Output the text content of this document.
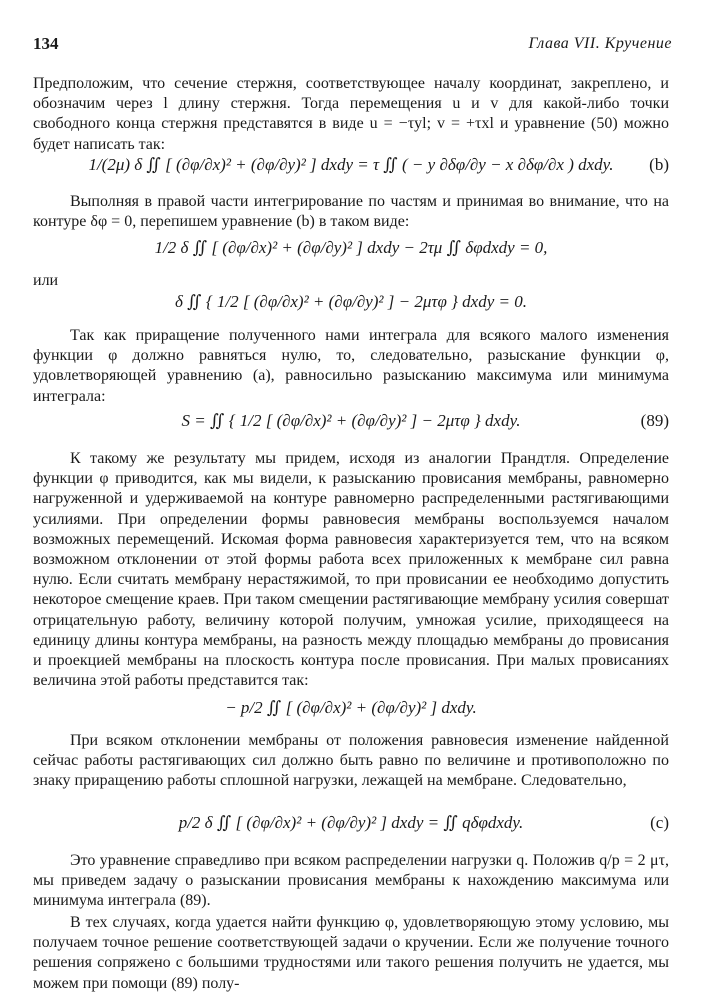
134	Глава VII. Кручение
Предположим, что сечение стержня, соответствующее началу координат, закреплено, и обозначим через l длину стержня. Тогда перемещения u и v для какой-либо точки свободного конца стержня представятся в виде u = −τyl; v = +τxl и уравнение (50) можно будет написать так:
1/(2μ) δ ∬ [ (∂φ/∂x)² + (∂φ/∂y)² ] dxdy = τ ∬ ( − y ∂δφ/∂y − x ∂δφ/∂x ) dxdy. (b)
Выполняя в правой части интегрирование по частям и принимая во внимание, что на контуре δφ = 0, перепишем уравнение (b) в таком виде:
1/2 δ ∬ [ (∂φ/∂x)² + (∂φ/∂y)² ] dxdy − 2τμ ∬ δφdxdy = 0,
или
δ ∬ { 1/2 [ (∂φ/∂x)² + (∂φ/∂y)² ] − 2μτφ } dxdy = 0.
Так как приращение полученного нами интеграла для всякого малого изменения функции φ должно равняться нулю, то, следовательно, разыскание функции φ, удовлетворяющей уравнению (a), равносильно разысканию максимума или минимума интеграла:
S = ∬ { 1/2 [ (∂φ/∂x)² + (∂φ/∂y)² ] − 2μτφ } dxdy.	(89)
К такому же результату мы придем, исходя из аналогии Прандтля. Определение функции φ приводится, как мы видели, к разысканию провисания мембраны, равномерно нагруженной и удерживаемой на контуре равномерно распределенными растягивающими усилиями. При определении формы равновесия мембраны воспользуемся началом возможных перемещений. Искомая форма равновесия характеризуется тем, что на всяком возможном отклонении от этой формы работа всех приложенных к мембране сил равна нулю. Если считать мембрану нерастяжимой, то при провисании ее необходимо допустить некоторое смещение краев. При таком смещении растягивающие мембрану усилия совершат отрицательную работу, величину которой получим, умножая усилие, приходящееся на единицу длины контура мембраны, на разность между площадью мембраны до провисания и проекцией мембраны на плоскость контура после провисания. При малых провисаниях величина этой работы представится так:
− p/2 ∬ [ (∂φ/∂x)² + (∂φ/∂y)² ] dxdy.
При всяком отклонении мембраны от положения равновесия изменение найденной сейчас работы растягивающих сил должно быть равно по величине и противоположно по знаку приращению работы сплошной нагрузки, лежащей на мембране. Следовательно,
p/2 δ ∬ [ (∂φ/∂x)² + (∂φ/∂y)² ] dxdy = ∬ qδφdxdy.	(c)
Это уравнение справедливо при всяком распределении нагрузки q. Положив q/p = 2 μτ, мы приведем задачу о разыскании провисания мембраны к нахождению максимума или минимума интеграла (89).
В тех случаях, когда удается найти функцию φ, удовлетворяющую этому условию, мы получаем точное решение соответствующей задачи о кручении. Если же получение точного решения сопряжено с большими трудностями или такого решения получить не удается, мы можем при помощи (89) полу-
